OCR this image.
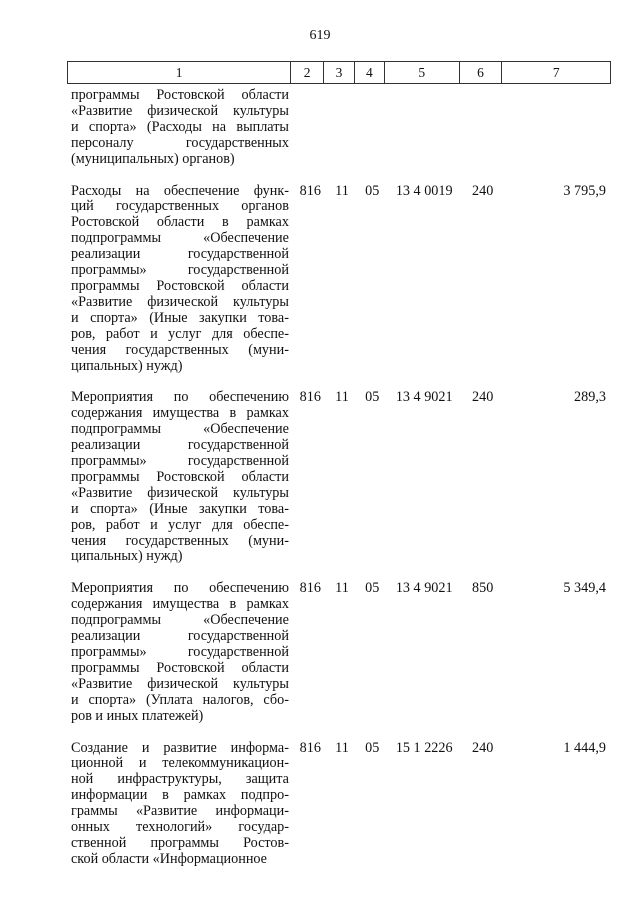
619
1	2	3	4	5	6	7
программы Ростовской области
«Развитие физической культуры
и спорта» (Расходы на выплаты
персоналу государственных
(муниципальных) органов)
Расходы на обеспечение функ-
ций государственных органов
Ростовской области в рамках
подпрограммы «Обеспечение
реализации государственной
программы» государственной
программы Ростовской области
«Развитие физической культуры
и спорта» (Иные закупки това-
ров, работ и услуг для обеспе-
чения государственных (муни-
ципальных) нужд)
816	11	05	13 4 0019	240	3 795,9
Мероприятия по обеспечению
содержания имущества в рамках
подпрограммы «Обеспечение
реализации государственной
программы» государственной
программы Ростовской области
«Развитие физической культуры
и спорта» (Иные закупки това-
ров, работ и услуг для обеспе-
чения государственных (муни-
ципальных) нужд)
816	11	05	13 4 9021	240	289,3
Мероприятия по обеспечению
содержания имущества в рамках
подпрограммы «Обеспечение
реализации государственной
программы» государственной
программы Ростовской области
«Развитие физической культуры
и спорта» (Уплата налогов, сбо-
ров и иных платежей)
816	11	05	13 4 9021	850	5 349,4
Создание и развитие информа-
ционной и телекоммуникацион-
ной инфраструктуры, защита
информации в рамках подпро-
граммы «Развитие информаци-
онных технологий» государ-
ственной программы Ростов-
ской области «Информационное
816	11	05	15 1 2226	240	1 444,9
